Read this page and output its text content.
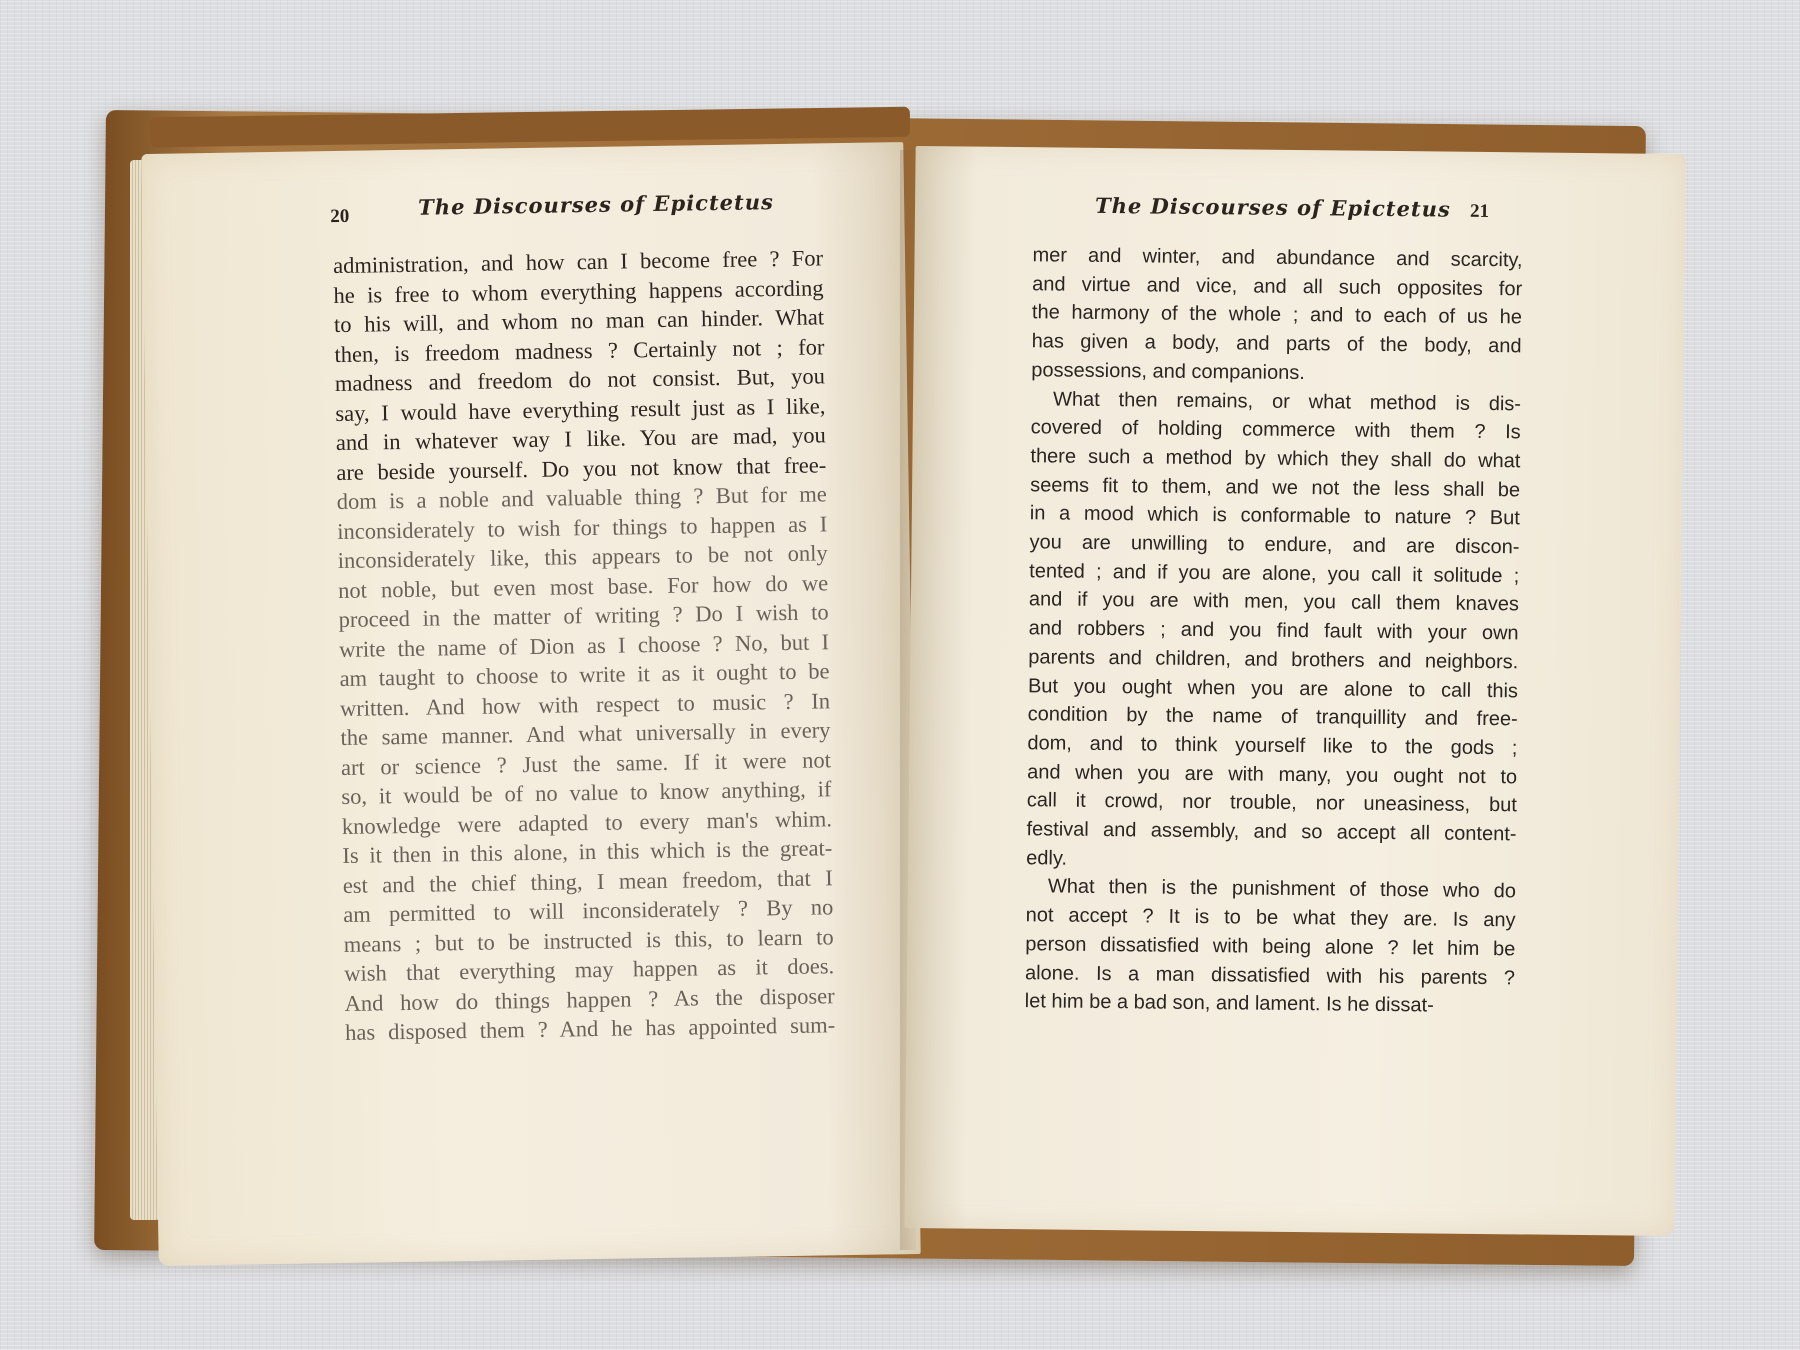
20	The Discourses of Epictetus
administration, and how can I become free ? For
he is free to whom everything happens according
to his will, and whom no man can hinder. What
then, is freedom madness ? Certainly not ; for
madness and freedom do not consist. But, you
say, I would have everything result just as I like,
and in whatever way I like. You are mad, you
are beside yourself. Do you not know that free-
dom is a noble and valuable thing ? But for me
inconsiderately to wish for things to happen as I
inconsiderately like, this appears to be not only
not noble, but even most base. For how do we
proceed in the matter of writing ? Do I wish to
write the name of Dion as I choose ? No, but I
am taught to choose to write it as it ought to be
written. And how with respect to music ? In
the same manner. And what universally in every
art or science ? Just the same. If it were not
so, it would be of no value to know anything, if
knowledge were adapted to every man's whim.
Is it then in this alone, in this which is the great-
est and the chief thing, I mean freedom, that I
am permitted to will inconsiderately ? By no
means ; but to be instructed is this, to learn to
wish that everything may happen as it does.
And how do things happen ? As the disposer
has disposed them ? And he has appointed sum-
The Discourses of Epictetus 21

mer and winter, and abundance and scarcity,
and virtue and vice, and all such opposites for
the harmony of the whole ; and to each of us he
has given a body, and parts of the body, and
possessions, and companions.

What then remains, or what method is dis-
covered of holding commerce with them ? Is
there such a method by which they shall do what
seems fit to them, and we not the less shall be
in a mood which is conformable to nature ? But
you are unwilling to endure, and are discon-
tented ; and if you are alone, you call it solitude ;
and if you are with men, you call them knaves
and robbers ; and you find fault with your own
parents and children, and brothers and neighbors.
But you ought when you are alone to call this
condition by the name of tranquillity and free-
dom, and to think yourself like to the gods ;
and when you are with many, you ought not to
call it crowd, nor trouble, nor uneasiness, but
festival and assembly, and so accept all content-
edly.

What then is the punishment of those who do
not accept ? It is to be what they are. Is any
person dissatisfied with being alone ? let him be
alone. Is a man dissatisfied with his parents ?
let him be a bad son, and lament. Is he dissat-
